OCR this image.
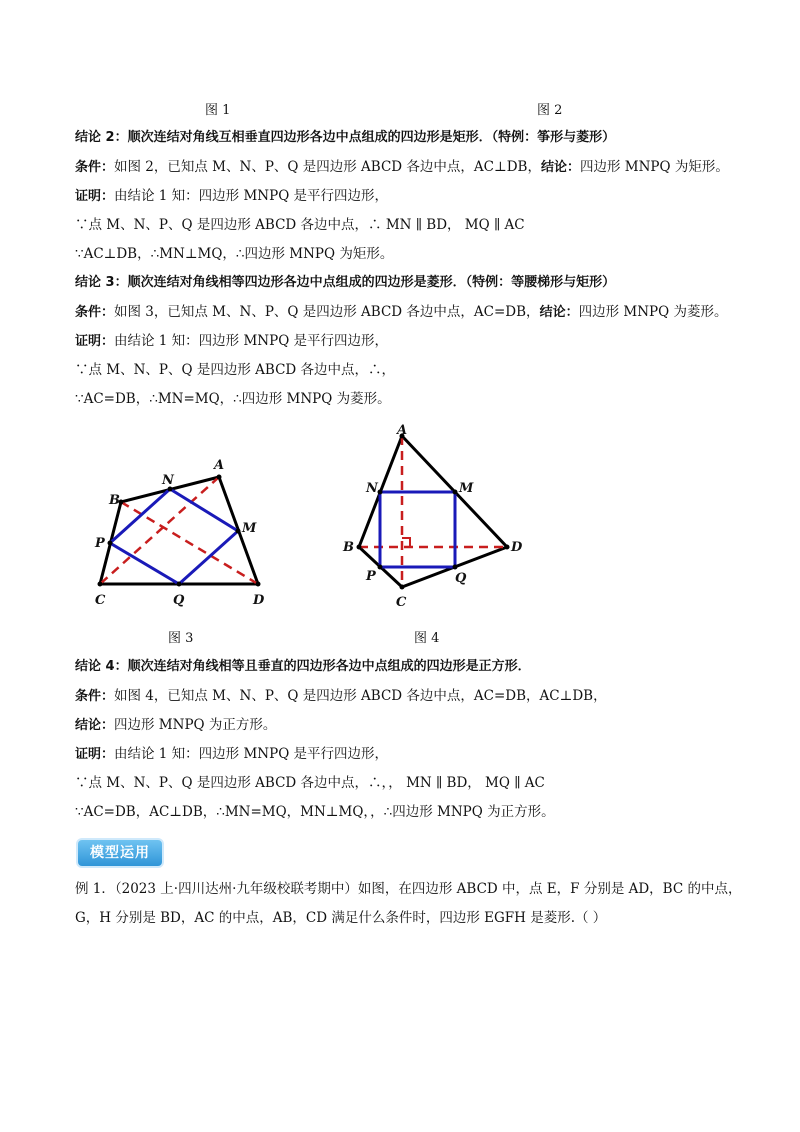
图 1	图 2
结论 2：顺次连结对角线互相垂直四边形各边中点组成的四边形是矩形．（特例：筝形与菱形）
条件：如图 2，已知点 M、N、P、Q 是四边形 ABCD 各边中点，AC⊥DB，结论：四边形 MNPQ 为矩形。
证明：由结论 1 知：四边形 MNPQ 是平行四边形，
∵点 M、N、P、Q 是四边形 ABCD 各边中点，∴ MN ∥ BD， MQ ∥ AC
∵AC⊥DB，∴MN⊥MQ，∴四边形 MNPQ 为矩形。
结论 3：顺次连结对角线相等四边形各边中点组成的四边形是菱形．（特例：等腰梯形与矩形）
条件：如图 3，已知点 M、N、P、Q 是四边形 ABCD 各边中点，AC=DB，结论：四边形 MNPQ 为菱形。
证明：由结论 1 知：四边形 MNPQ 是平行四边形，
∵点 M、N、P、Q 是四边形 ABCD 各边中点，∴，
∵AC=DB，∴MN=MQ，∴四边形 MNPQ 为菱形。
A
B
C	D
M
N
P
Q
A
B
C
D
M
N
P	Q
图 3	图 4
结论 4：顺次连结对角线相等且垂直的四边形各边中点组成的四边形是正方形．
条件：如图 4，已知点 M、N、P、Q 是四边形 ABCD 各边中点，AC=DB，AC⊥DB，
结论：四边形 MNPQ 为正方形。
证明：由结论 1 知：四边形 MNPQ 是平行四边形，
∵点 M、N、P、Q 是四边形 ABCD 各边中点，∴，， MN ∥ BD， MQ ∥ AC
∵AC=DB，AC⊥DB，∴MN=MQ，MN⊥MQ，，∴四边形 MNPQ 为正方形。
模型运用
例 1．（2023 上·四川达州·九年级校联考期中）如图，在四边形 ABCD 中，点 E，F 分别是 AD，BC 的中点，
G，H 分别是 BD，AC 的中点，AB，CD 满足什么条件时，四边形 EGFH 是菱形.（ ）
